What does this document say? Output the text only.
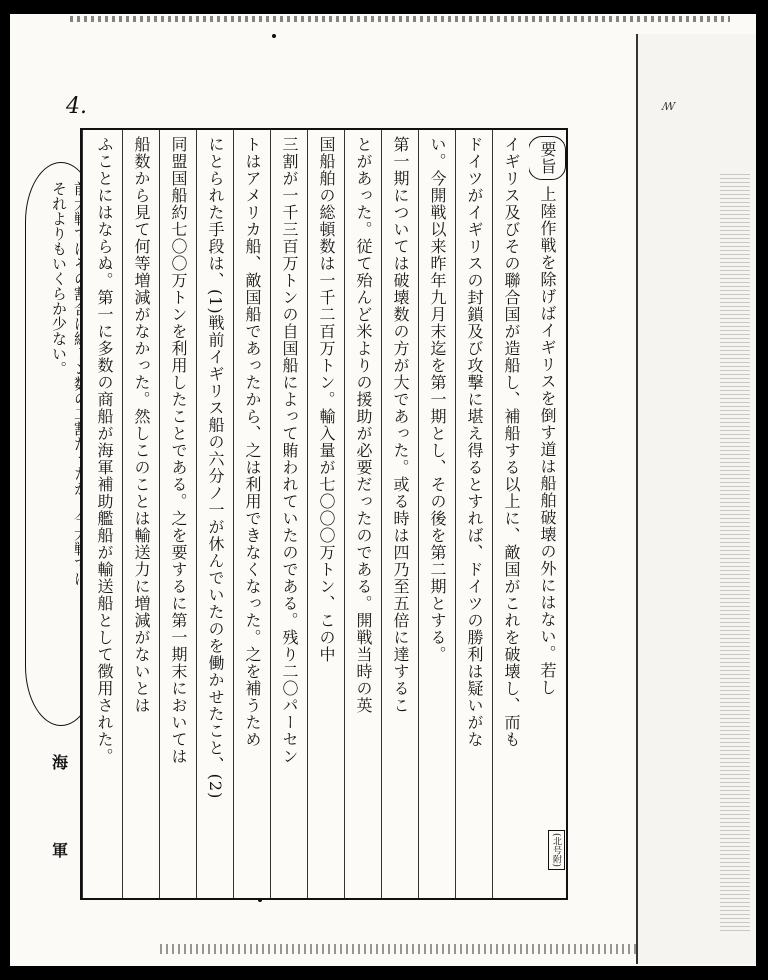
ꟿ
4.

それよりもいくらか少ない。
要旨上陸作戦を除げばイギリスを倒す道は船舶破壊の外にはない。若し
イギリス及びその聯合国が造船し、補船する以上に、敵国がこれを破壊し、而も
ドイツがイギリスの封鎖及び攻撃に堪え得るとすれば、ドイツの勝利は疑いがな
い。今開戦以来昨年九月末迄を第一期とし、その後を第二期とする。
第一期については破壊数の方が大であった。或る時は四乃至五倍に達するこ
とがあった。従て殆んど米よりの援助が必要だったのである。開戦当時の英
国船舶の総頓数は一千二百万トン。輸入量が七〇〇〇万トン、この中
三割が一千三百万トンの自国船によって賄われていたのである。残り二〇パーセン
トはアメリカ船、敵国船であったから、之は利用できなくなった。之を補うため
にとられた手段は、(1)戦前イギリス船の六分ノ一が休んでいたのを働かせたこと、(2)
同盟国船約七〇〇万トンを利用したことである。之を要するに第一期末においては
船数から見て何等増減がなかった。然しこのことは輸送力に増減がないとは
ふことにはならぬ。第一に多数の商船が海軍補助艦船が輸送船として徴用された。
海
軍	(北号附)
